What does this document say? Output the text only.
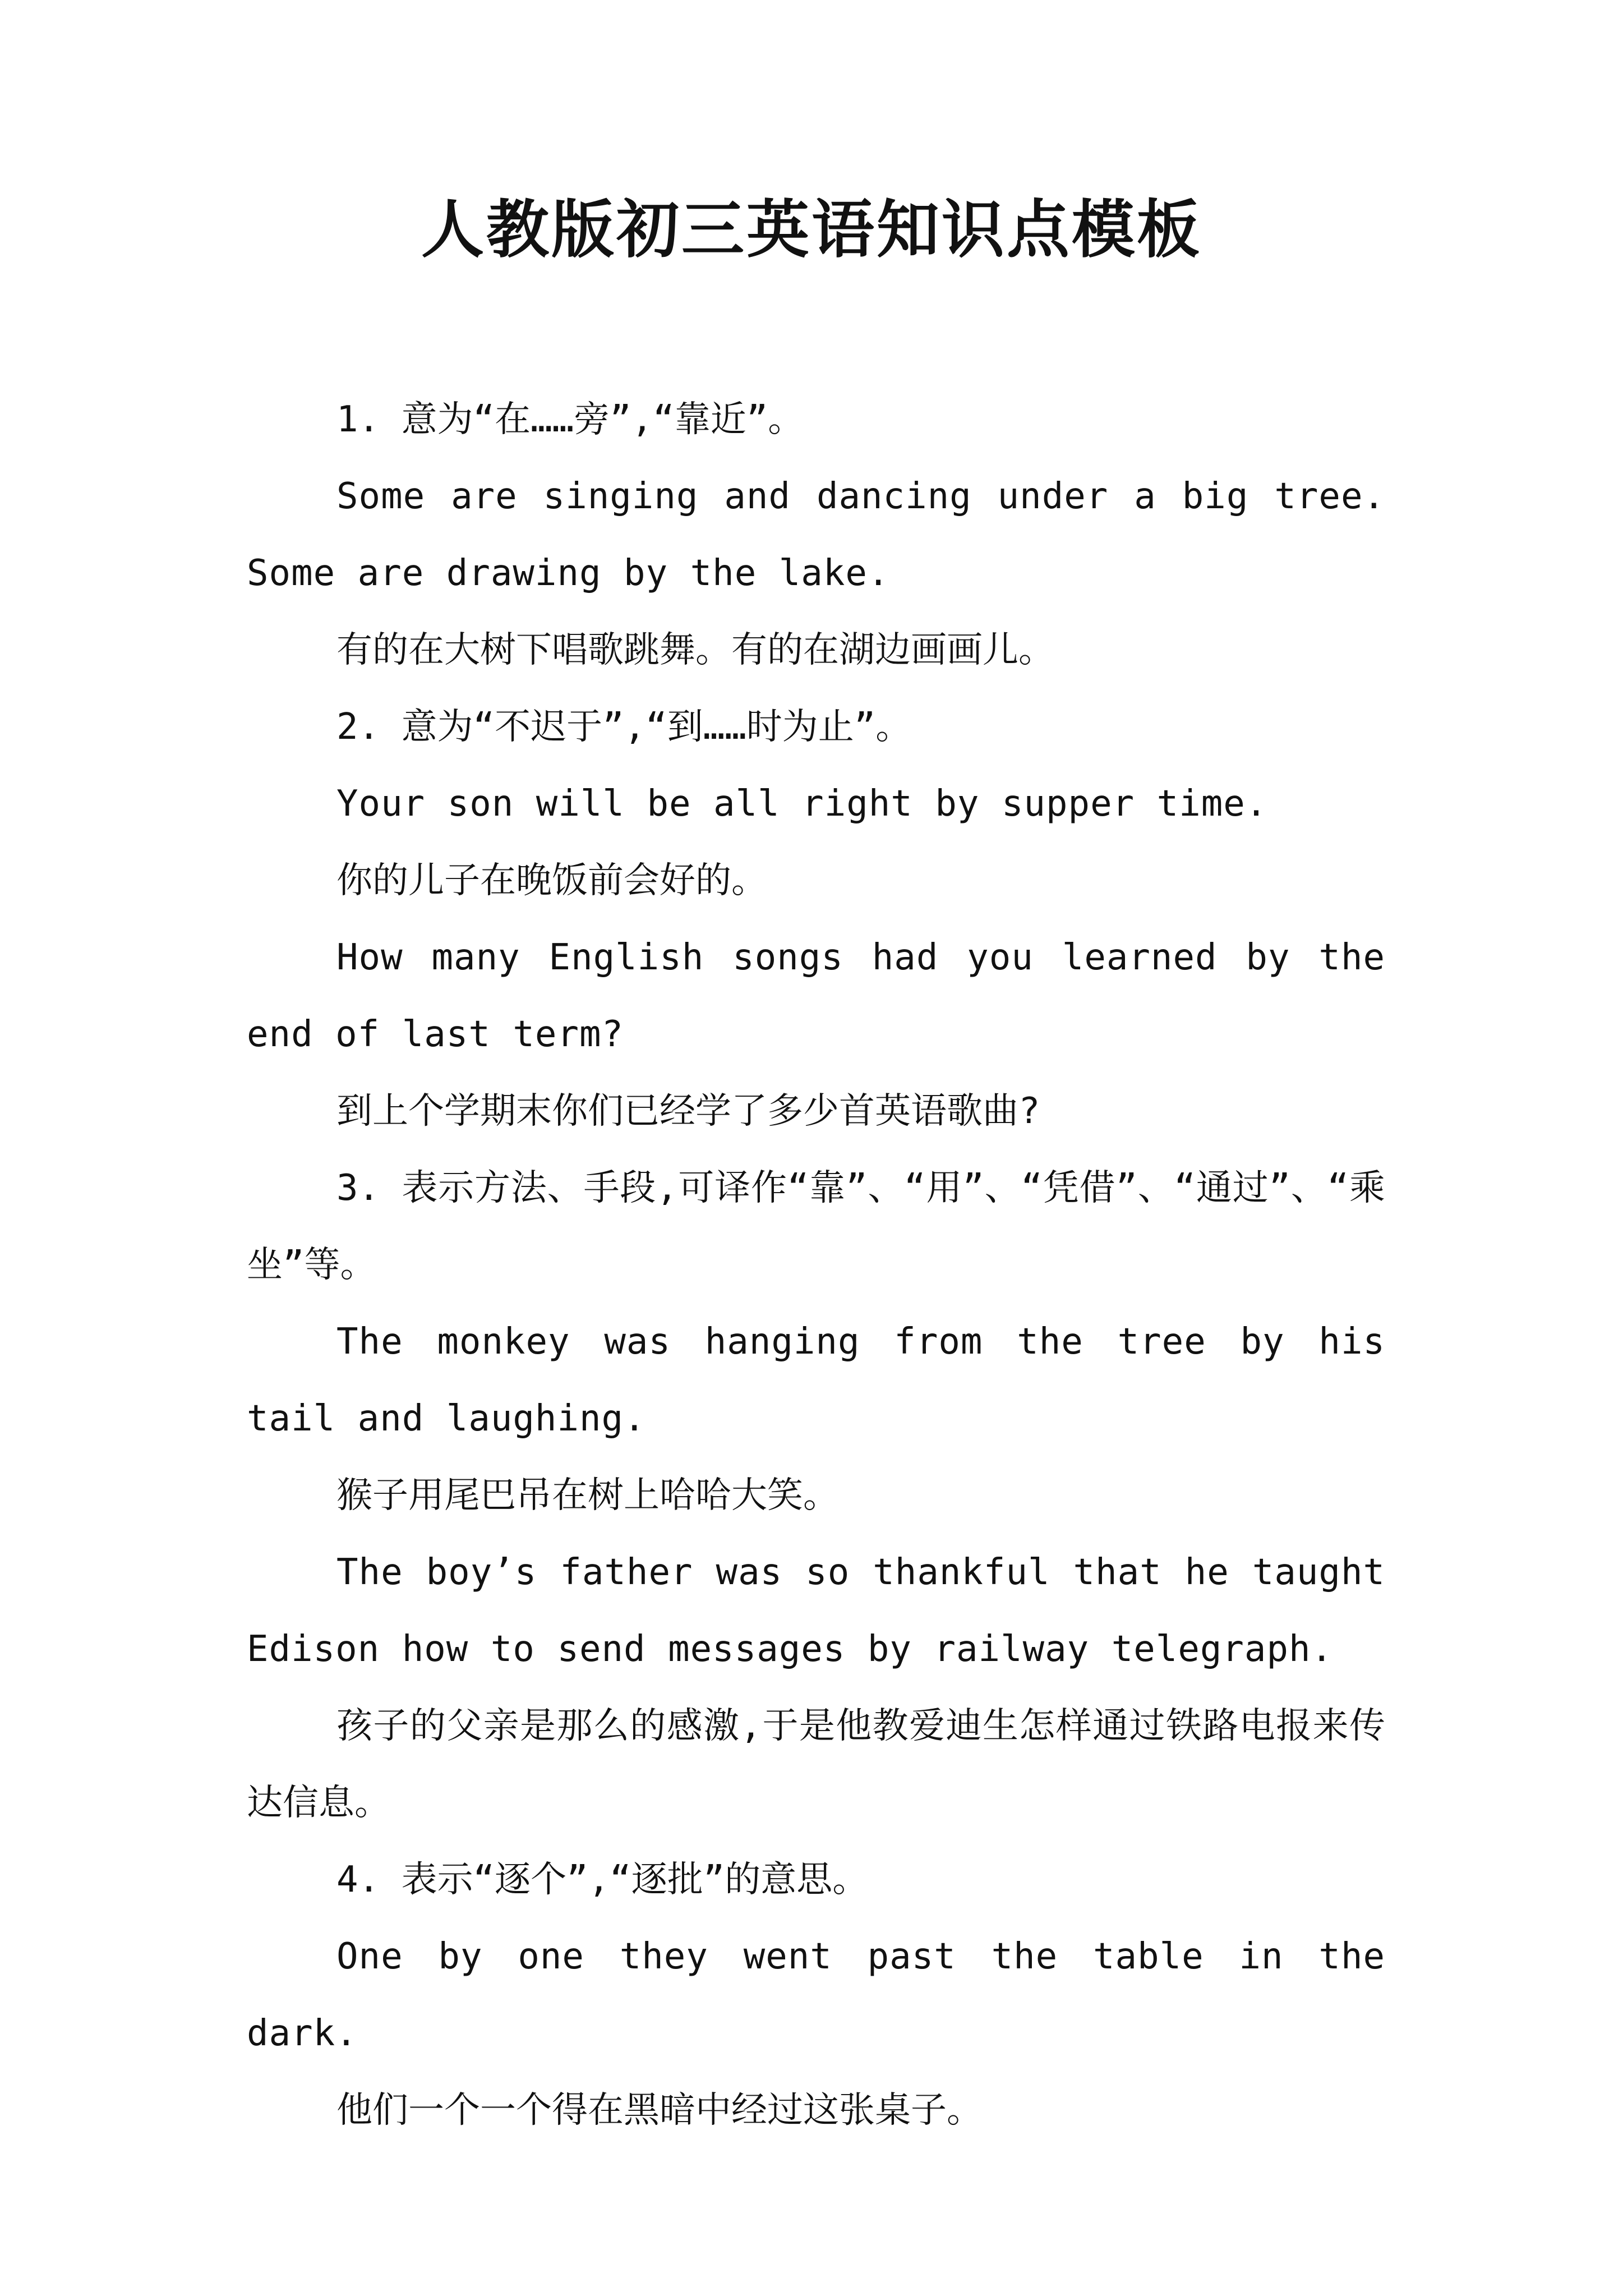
人教版初三英语知识点模板

1. 意为“在……旁”,“靠近”。

Some are singing and dancing under a big tree. Some are drawing by the lake.

有的在大树下唱歌跳舞。有的在湖边画画儿。

2. 意为“不迟于”,“到……时为止”。

Your son will be all right by supper time.

你的儿子在晚饭前会好的。

How many English songs had you learned by the end of last term?

到上个学期末你们已经学了多少首英语歌曲?

3. 表示方法、手段,可译作“靠”、“用”、“凭借”、“通过”、“乘坐”等。

The monkey was hanging from the tree by his tail and laughing.

猴子用尾巴吊在树上哈哈大笑。

The boy’s father was so thankful that he taught Edison how to send messages by railway telegraph.

孩子的父亲是那么的感激,于是他教爱迪生怎样通过铁路电报来传达信息。

4. 表示“逐个”,“逐批”的意思。

One by one they went past the table in the dark.

他们一个一个得在黑暗中经过这张桌子。
